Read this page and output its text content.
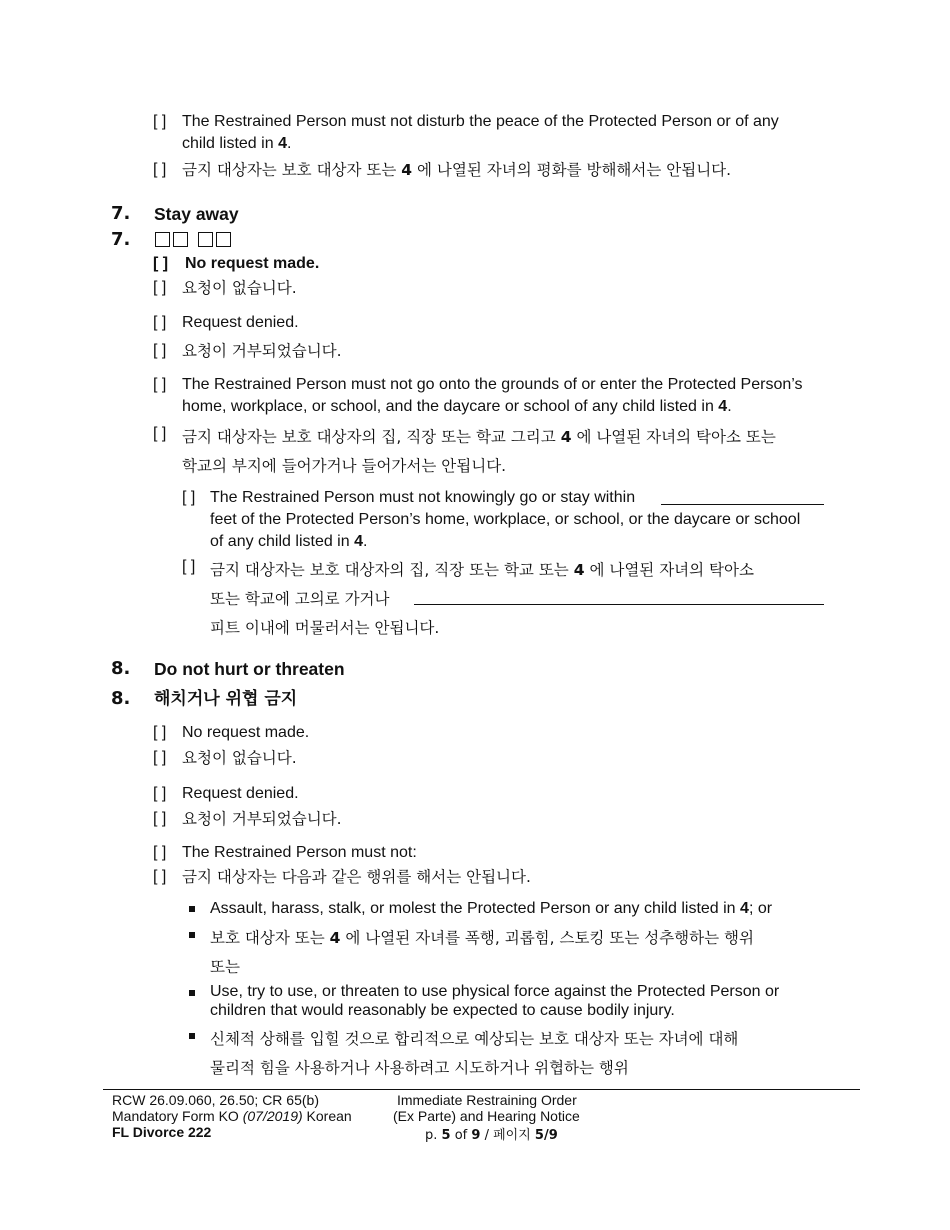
[ ] The Restrained Person must not disturb the peace of the Protected Person or of any
child listed in 4.
[ ] 금지 대상자는 보호 대상자 또는 4 에 나열된 자녀의 평화를 방해해서는 안됩니다.
7. Stay away
7.
[ ] No request made.
[ ] 요청이 없습니다.
[ ] Request denied.
[ ] 요청이 거부되었습니다.
[ ] The Restrained Person must not go onto the grounds of or enter the Protected Person’s
home, workplace, or school, and the daycare or school of any child listed in 4.
[ ] 금지 대상자는 보호 대상자의 집, 직장 또는 학교 그리고 4 에 나열된 자녀의 탁아소 또는
학교의 부지에 들어가거나 들어가서는 안됩니다.
[ ] The Restrained Person must not knowingly go or stay within
feet of the Protected Person’s home, workplace, or school, or the daycare or school
of any child listed in 4.
[ ] 금지 대상자는 보호 대상자의 집, 직장 또는 학교 또는 4 에 나열된 자녀의 탁아소
또는 학교에 고의로 가거나
피트 이내에 머물러서는 안됩니다.
8. Do not hurt or threaten
8. 해치거나 위협 금지
[ ] No request made.
[ ] 요청이 없습니다.
[ ] Request denied.
[ ] 요청이 거부되었습니다.
[ ] The Restrained Person must not:
[ ] 금지 대상자는 다음과 같은 행위를 해서는 안됩니다.
Assault, harass, stalk, or molest the Protected Person or any child listed in 4; or
보호 대상자 또는 4 에 나열된 자녀를 폭행, 괴롭힘, 스토킹 또는 성추행하는 행위
또는
Use, try to use, or threaten to use physical force against the Protected Person or
children that would reasonably be expected to cause bodily injury.
신체적 상해를 입힐 것으로 합리적으로 예상되는 보호 대상자 또는 자녀에 대해
물리적 힘을 사용하거나 사용하려고 시도하거나 위협하는 행위
RCW 26.09.060, 26.50; CR 65(b)
Mandatory Form KO (07/2019) Korean
FL Divorce 222
Immediate Restraining Order
(Ex Parte) and Hearing Notice
p. 5 of 9 / 페이지 5/9
